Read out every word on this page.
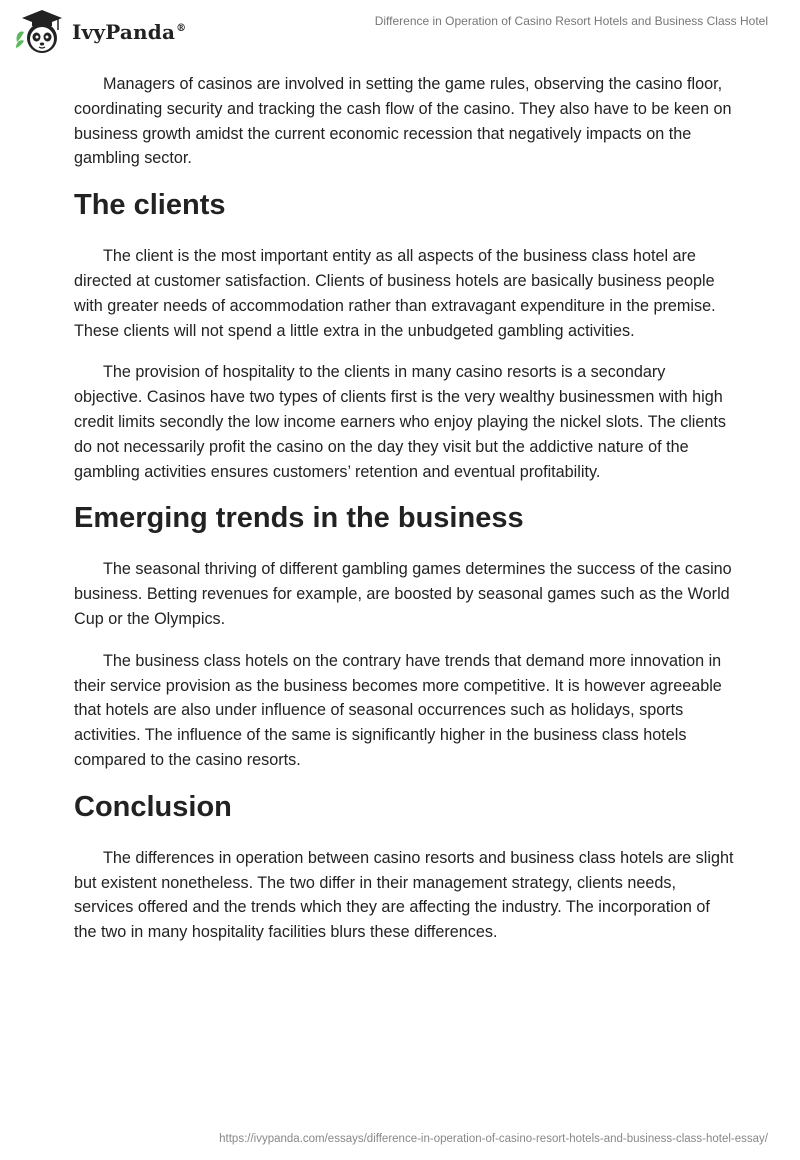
IvyPanda®
Difference in Operation of Casino Resort Hotels and Business Class Hotel

Managers of casinos are involved in setting the game rules, observing the casino floor, coordinating security and tracking the cash flow of the casino. They also have to be keen on business growth amidst the current economic recession that negatively impacts on the gambling sector.

The clients

The client is the most important entity as all aspects of the business class hotel are directed at customer satisfaction. Clients of business hotels are basically business people with greater needs of accommodation rather than extravagant expenditure in the premise. These clients will not spend a little extra in the unbudgeted gambling activities.

The provision of hospitality to the clients in many casino resorts is a secondary objective. Casinos have two types of clients first is the very wealthy businessmen with high credit limits secondly the low income earners who enjoy playing the nickel slots. The clients do not necessarily profit the casino on the day they visit but the addictive nature of the gambling activities ensures customers’ retention and eventual profitability.

Emerging trends in the business

The seasonal thriving of different gambling games determines the success of the casino business. Betting revenues for example, are boosted by seasonal games such as the World Cup or the Olympics.

The business class hotels on the contrary have trends that demand more innovation in their service provision as the business becomes more competitive. It is however agreeable that hotels are also under influence of seasonal occurrences such as holidays, sports activities. The influence of the same is significantly higher in the business class hotels compared to the casino resorts.

Conclusion

The differences in operation between casino resorts and business class hotels are slight but existent nonetheless. The two differ in their management strategy, clients needs, services offered and the trends which they are affecting the industry. The incorporation of the two in many hospitality facilities blurs these differences.

https://ivypanda.com/essays/difference-in-operation-of-casino-resort-hotels-and-business-class-hotel-essay/
